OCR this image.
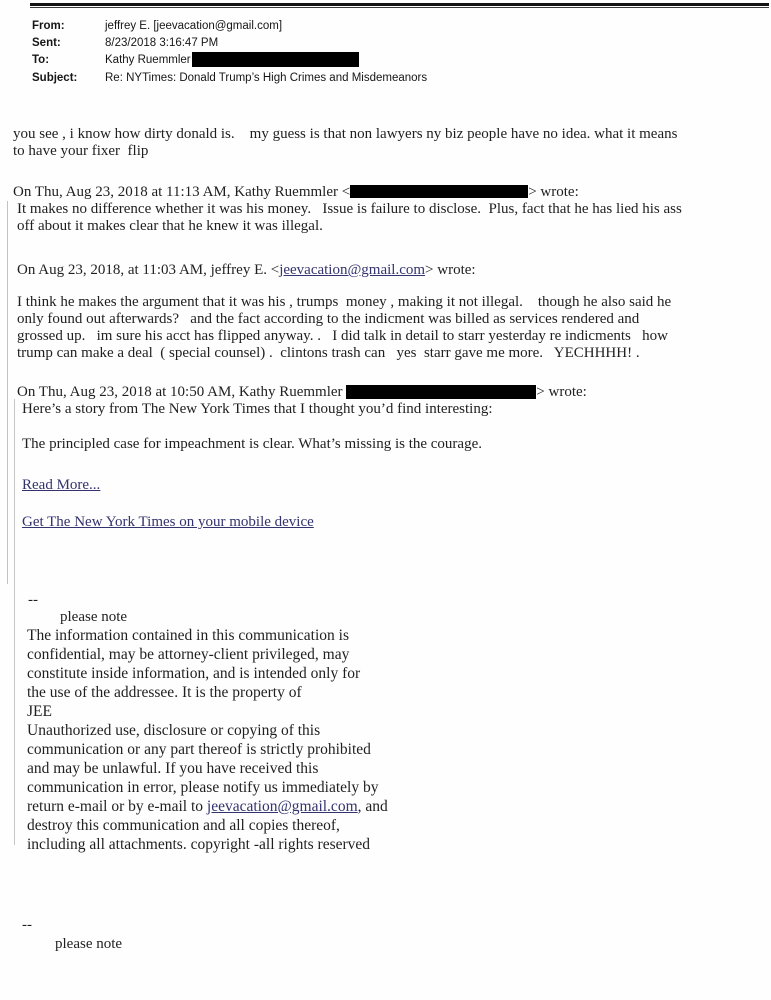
From:	jeffrey E. [jeevacation@gmail.com]
Sent:	8/23/2018 3:16:47 PM
To:	Kathy Ruemmler
Subject:	Re: NYTimes: Donald Trump’s High Crimes and Misdemeanors
you see , i know how dirty donald is.    my guess is that non lawyers ny biz people have no idea. what it means
to have your fixer  flip
On Thu, Aug 23, 2018 at 11:13 AM, Kathy Ruemmler <	> wrote:
It makes no difference whether it was his money.   Issue is failure to disclose.  Plus, fact that he has lied his ass
off about it makes clear that he knew it was illegal.
On Aug 23, 2018, at 11:03 AM, jeffrey E. <jeevacation@gmail.com> wrote:
I think he makes the argument that it was his , trumps  money , making it not illegal.    though he also said he
only found out afterwards?   and the fact according to the indicment was billed as services rendered and
grossed up.   im sure his acct has flipped anyway. .   I did talk in detail to starr yesterday re indicments   how
trump can make a deal  ( special counsel) .  clintons trash can   yes  starr gave me more.   YECHHHH! .
On Thu, Aug 23, 2018 at 10:50 AM, Kathy Ruemmler	> wrote:
Here’s a story from The New York Times that I thought you’d find interesting:
The principled case for impeachment is clear. What’s missing is the courage.
Read More...
Get The New York Times on your mobile device
--
please note
The information contained in this communication is
confidential, may be attorney-client privileged, may
constitute inside information, and is intended only for
the use of the addressee. It is the property of
JEE
Unauthorized use, disclosure or copying of this
communication or any part thereof is strictly prohibited
and may be unlawful. If you have received this
communication in error, please notify us immediately by
return e-mail or by e-mail to jeevacation@gmail.com, and
destroy this communication and all copies thereof,
including all attachments. copyright -all rights reserved
--
please note
